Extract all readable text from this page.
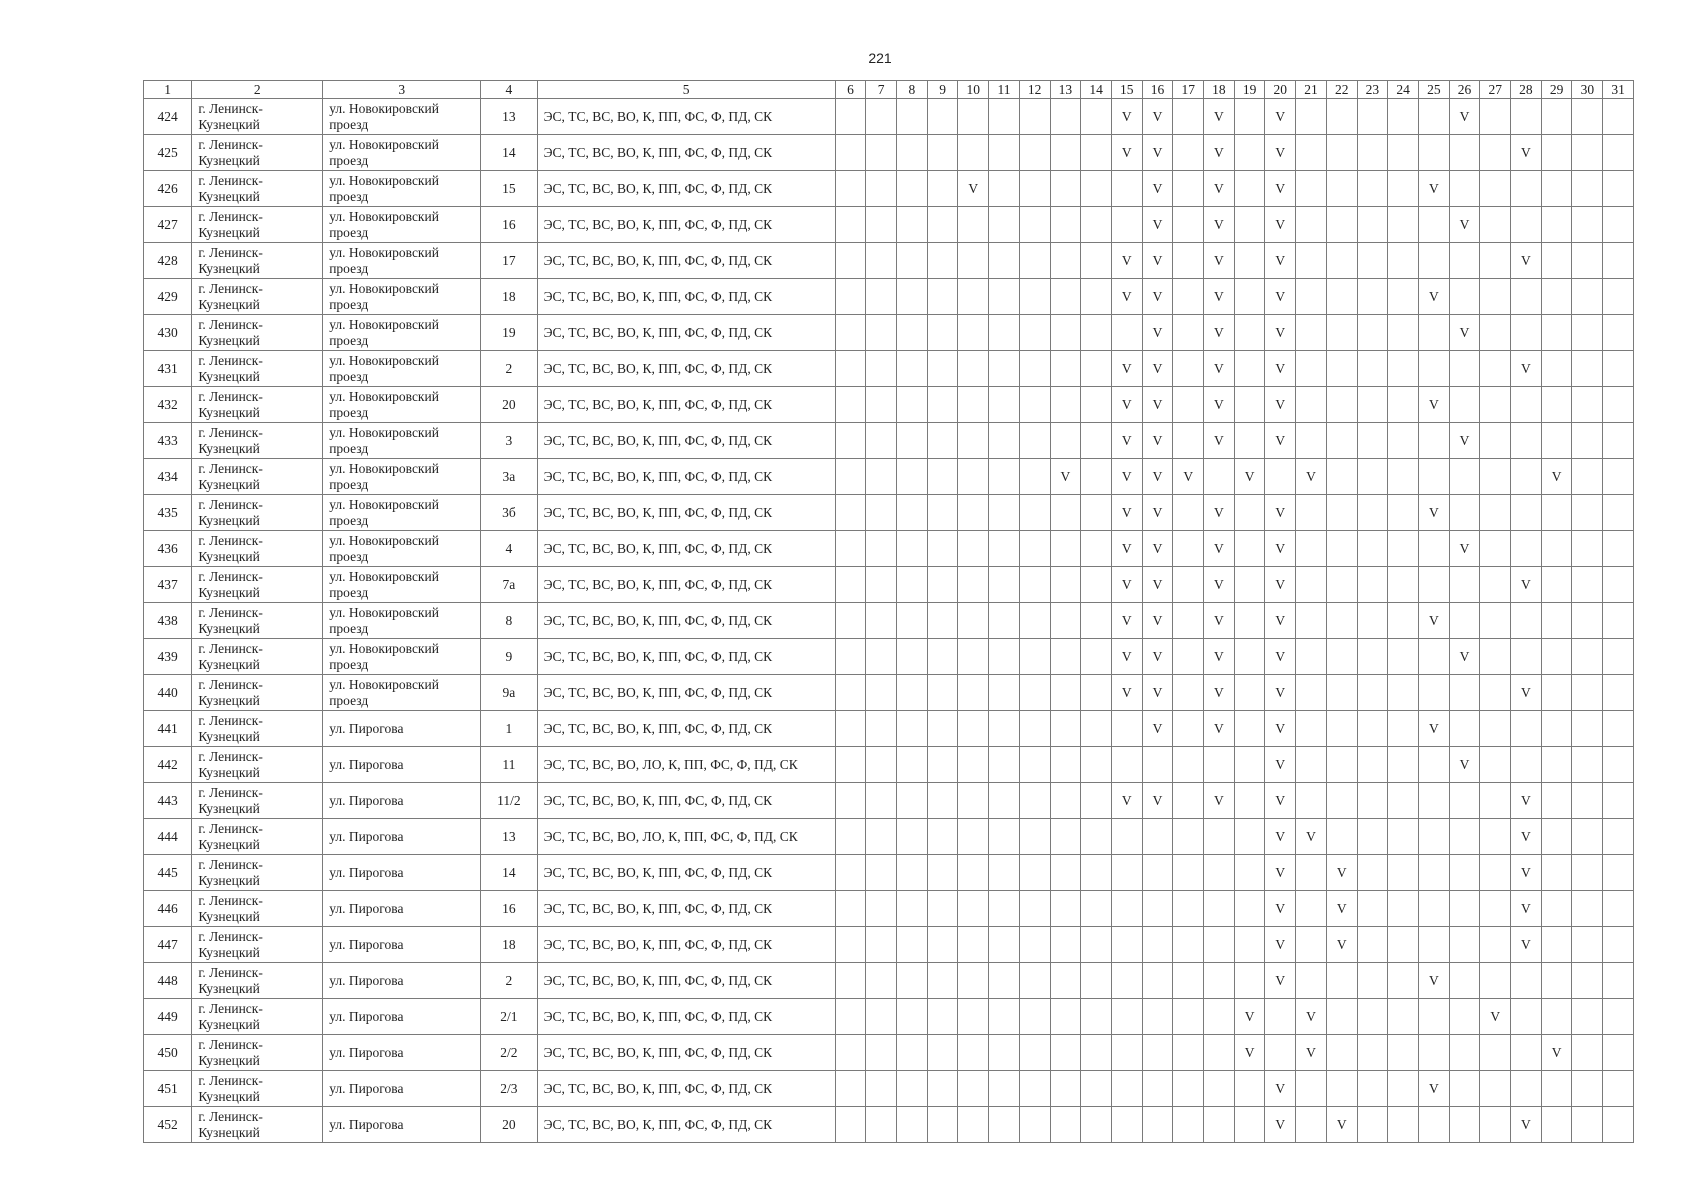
221
1	2	3	4	5	6	7	8	9	10	11	12	13	14	15	16	17	18	19	20	21	22	23	24	25	26	27	28	29	30	31
424	г. Ленинск-
Кузнецкий	ул. Новокировский
проезд	13	ЭС, ТС, ВС, ВО, К, ПП, ФС, Ф, ПД, СК										V	V		V		V						V					
425	г. Ленинск-
Кузнецкий	ул. Новокировский
проезд	14	ЭС, ТС, ВС, ВО, К, ПП, ФС, Ф, ПД, СК										V	V		V		V								V			
426	г. Ленинск-
Кузнецкий	ул. Новокировский
проезд	15	ЭС, ТС, ВС, ВО, К, ПП, ФС, Ф, ПД, СК					V						V		V		V					V						
427	г. Ленинск-
Кузнецкий	ул. Новокировский
проезд	16	ЭС, ТС, ВС, ВО, К, ПП, ФС, Ф, ПД, СК											V		V		V						V					
428	г. Ленинск-
Кузнецкий	ул. Новокировский
проезд	17	ЭС, ТС, ВС, ВО, К, ПП, ФС, Ф, ПД, СК										V	V		V		V								V			
429	г. Ленинск-
Кузнецкий	ул. Новокировский
проезд	18	ЭС, ТС, ВС, ВО, К, ПП, ФС, Ф, ПД, СК										V	V		V		V					V						
430	г. Ленинск-
Кузнецкий	ул. Новокировский
проезд	19	ЭС, ТС, ВС, ВО, К, ПП, ФС, Ф, ПД, СК											V		V		V						V					
431	г. Ленинск-
Кузнецкий	ул. Новокировский
проезд	2	ЭС, ТС, ВС, ВО, К, ПП, ФС, Ф, ПД, СК										V	V		V		V								V			
432	г. Ленинск-
Кузнецкий	ул. Новокировский
проезд	20	ЭС, ТС, ВС, ВО, К, ПП, ФС, Ф, ПД, СК										V	V		V		V					V						
433	г. Ленинск-
Кузнецкий	ул. Новокировский
проезд	3	ЭС, ТС, ВС, ВО, К, ПП, ФС, Ф, ПД, СК										V	V		V		V						V					
434	г. Ленинск-
Кузнецкий	ул. Новокировский
проезд	3а	ЭС, ТС, ВС, ВО, К, ПП, ФС, Ф, ПД, СК								V		V	V	V		V		V								V		
435	г. Ленинск-
Кузнецкий	ул. Новокировский
проезд	3б	ЭС, ТС, ВС, ВО, К, ПП, ФС, Ф, ПД, СК										V	V		V		V					V						
436	г. Ленинск-
Кузнецкий	ул. Новокировский
проезд	4	ЭС, ТС, ВС, ВО, К, ПП, ФС, Ф, ПД, СК										V	V		V		V						V					
437	г. Ленинск-
Кузнецкий	ул. Новокировский
проезд	7а	ЭС, ТС, ВС, ВО, К, ПП, ФС, Ф, ПД, СК										V	V		V		V								V			
438	г. Ленинск-
Кузнецкий	ул. Новокировский
проезд	8	ЭС, ТС, ВС, ВО, К, ПП, ФС, Ф, ПД, СК										V	V		V		V					V						
439	г. Ленинск-
Кузнецкий	ул. Новокировский
проезд	9	ЭС, ТС, ВС, ВО, К, ПП, ФС, Ф, ПД, СК										V	V		V		V						V					
440	г. Ленинск-
Кузнецкий	ул. Новокировский
проезд	9а	ЭС, ТС, ВС, ВО, К, ПП, ФС, Ф, ПД, СК										V	V		V		V								V			
441	г. Ленинск-
Кузнецкий	ул. Пирогова	1	ЭС, ТС, ВС, ВО, К, ПП, ФС, Ф, ПД, СК											V		V		V					V						
442	г. Ленинск-
Кузнецкий	ул. Пирогова	11	ЭС, ТС, ВС, ВО, ЛО, К, ПП, ФС, Ф, ПД, СК															V						V					
443	г. Ленинск-
Кузнецкий	ул. Пирогова	11/2	ЭС, ТС, ВС, ВО, К, ПП, ФС, Ф, ПД, СК										V	V		V		V								V			
444	г. Ленинск-
Кузнецкий	ул. Пирогова	13	ЭС, ТС, ВС, ВО, ЛО, К, ПП, ФС, Ф, ПД, СК															V	V							V			
445	г. Ленинск-
Кузнецкий	ул. Пирогова	14	ЭС, ТС, ВС, ВО, К, ПП, ФС, Ф, ПД, СК															V		V						V			
446	г. Ленинск-
Кузнецкий	ул. Пирогова	16	ЭС, ТС, ВС, ВО, К, ПП, ФС, Ф, ПД, СК															V		V						V			
447	г. Ленинск-
Кузнецкий	ул. Пирогова	18	ЭС, ТС, ВС, ВО, К, ПП, ФС, Ф, ПД, СК															V		V						V			
448	г. Ленинск-
Кузнецкий	ул. Пирогова	2	ЭС, ТС, ВС, ВО, К, ПП, ФС, Ф, ПД, СК															V					V						
449	г. Ленинск-
Кузнецкий	ул. Пирогова	2/1	ЭС, ТС, ВС, ВО, К, ПП, ФС, Ф, ПД, СК														V		V						V				
450	г. Ленинск-
Кузнецкий	ул. Пирогова	2/2	ЭС, ТС, ВС, ВО, К, ПП, ФС, Ф, ПД, СК														V		V								V		
451	г. Ленинск-
Кузнецкий	ул. Пирогова	2/3	ЭС, ТС, ВС, ВО, К, ПП, ФС, Ф, ПД, СК															V					V						
452	г. Ленинск-
Кузнецкий	ул. Пирогова	20	ЭС, ТС, ВС, ВО, К, ПП, ФС, Ф, ПД, СК															V		V						V			
